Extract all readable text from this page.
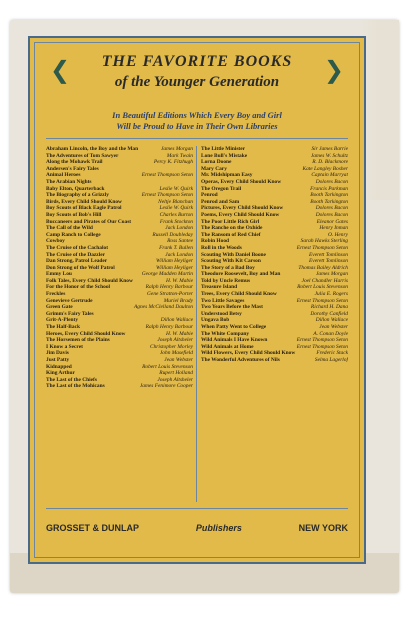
❮	❯
THE FAVORITE BOOKS
of the Younger Generation
In Beautiful Editions Which Every Boy and Girl
Will be Proud to Have in Their Own Libraries
Abraham Lincoln, the Boy and the Man	James Morgan
The Adventures of Tom Sawyer	Mark Twain
Along the Mohawk Trail	Percy K. Fitzhugh
Andersen's Fairy Tales
Animal Heroes	Ernest Thompson Seton
The Arabian Nights
Baby Elton, Quarterback	Leslie W. Quirk
The Biography of a Grizzly	Ernest Thompson Seton
Birds, Every Child Should Know	Neltje Blanchan
Boy Scouts of Black Eagle Patrol	Leslie W. Quirk
Boy Scouts of Bob's Hill	Charles Burton
Buccaneers and Pirates of Our Coast	Frank Stockton
The Call of the Wild	Jack London
Camp Ranch to College	Russell Doubleday
Cowboy	Ross Santee
The Cruise of the Cachalot	Frank T. Bullen
The Cruise of the Dazzler	Jack London
Dan Strong, Patrol Leader	William Heyliger
Don Strong of the Wolf Patrol	William Heyliger
Emmy Lou	George Madden Martin
Folk Tales, Every Child Should Know	H. W. Mabie
For the Honor of the School	Ralph Henry Barbour
Freckles	Gene Stratton-Porter
Genevieve Gertrude	Muriel Brady
Green Gate	Agnes McClelland Daulton
Grimm's Fairy Tales
Grit-A-Plenty	Dillon Wallace
The Half-Back	Ralph Henry Barbour
Heroes, Every Child Should Know	H. W. Mabie
The Horsemen of the Plains	Joseph Altsheler
I Know a Secret	Christopher Morley
Jim Davis	John Masefield
Just Patty	Jean Webster
Kidnapped	Robert Louis Stevenson
King Arthur	Rupert Holland
The Last of the Chiefs	Joseph Altsheler
The Last of the Mohicans	James Fenimore Cooper
The Little Minister	Sir James Barrie
Lone Bull's Mistake	James W. Schultz
Lorna Doone	R. D. Blackmore
Mary Cary	Kate Langley Bosher
Mr. Midshipman Easy	Captain Marryat
Operas, Every Child Should Know	Dolores Bacon
The Oregon Trail	Francis Parkman
Penrod	Booth Tarkington
Penrod and Sam	Booth Tarkington
Pictures, Every Child Should Know	Dolores Bacon
Poems, Every Child Should Know	Dolores Bacon
The Poor Little Rich Girl	Eleanor Gates
The Ranche on the Oxhide	Henry Inman
The Ransom of Red Chief	O. Henry
Robin Hood	Sarah Hawks Sterling
Roll in the Woods	Ernest Thompson Seton
Scouting With Daniel Boone	Everett Tomlinson
Scouting With Kit Carson	Everett Tomlinson
The Story of a Bad Boy	Thomas Bailey Aldrich
Theodore Roosevelt, Boy and Man	James Morgan
Told by Uncle Remus	Joel Chandler Harris
Treasure Island	Robert Louis Stevenson
Trees, Every Child Should Know	Julia E. Rogers
Two Little Savages	Ernest Thompson Seton
Two Years Before the Mast	Richard H. Dana
Understood Betsy	Dorothy Canfield
Ungava Bob	Dillon Wallace
When Patty Went to College	Jean Webster
The White Company	A. Conan Doyle
Wild Animals I Have Known	Ernest Thompson Seton
Wild Animals at Home	Ernest Thompson Seton
Wild Flowers, Every Child Should Know	Frederic Stack
The Wonderful Adventures of Nils	Selma Lagerlof
GROSSET & DUNLAP	Publishers	NEW YORK
